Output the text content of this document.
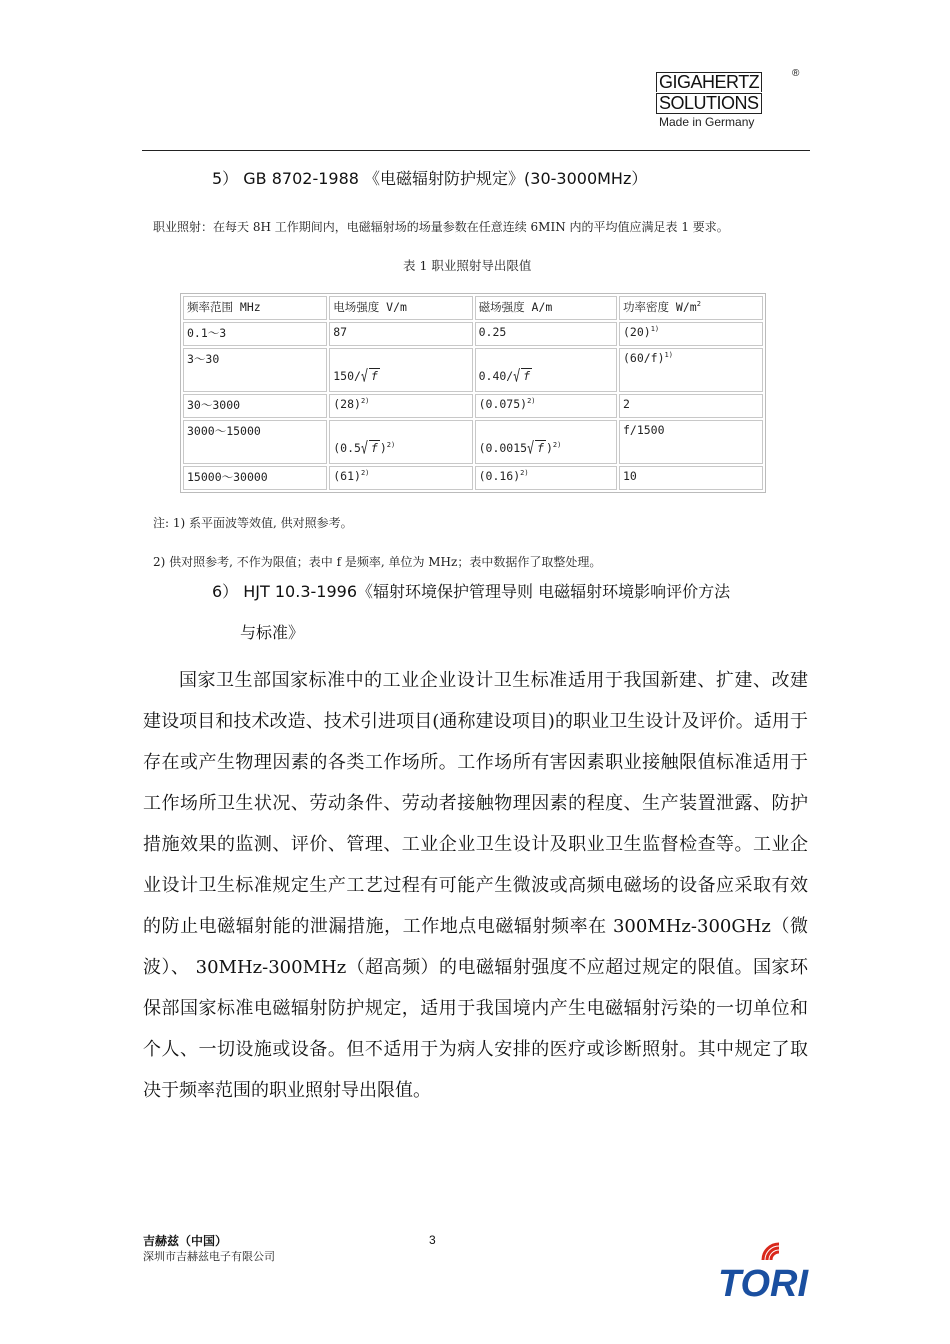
®
GIGAHERTZ
SOLUTIONS
Made in Germany
5） GB 8702-1988 《电磁辐射防护规定》(30-3000MHz）
职业照射：在每天 8H 工作期间内，电磁辐射场的场量参数在任意连续 6MIN 内的平均值应满足表 1 要求。
表 1 职业照射导出限值
频率范围 MHz	电场强度 V/m	磁场强度 A/m	功率密度 $W/m^2$
0.1～3	87	0.25	$(20)^{1)}$
3～30	150/√ f	0.40/√ f	$(60/f)^{1)}$
30～3000	$(28)^{2)}$	$(0.075)^{2)}$	2
3000～15000	(0.5√ f )$^{2)}$	(0.0015√ f )$^{2)}$	f/1500
15000～30000	$(61)^{2)}$	$(0.16)^{2)}$	10
注: 1) 系平面波等效值, 供对照参考。
2) 供对照参考, 不作为限值；表中 f 是频率, 单位为 MHz；表中数据作了取整处理。
6） HJT 10.3-1996《辐射环境保护管理导则 电磁辐射环境影响评价方法
与标准》

国家卫生部国家标准中的工业企业设计卫生标准适用于我国新建、扩建、改建建设项目和技术改造、技术引进项目(通称建设项目)的职业卫生设计及评价。适用于存在或产生物理因素的各类工作场所。工作场所有害因素职业接触限值标准适用于工作场所卫生状况、劳动条件、劳动者接触物理因素的程度、生产装置泄露、防护措施效果的监测、评价、管理、工业企业卫生设计及职业卫生监督检查等。工业企业设计卫生标准规定生产工艺过程有可能产生微波或高频电磁场的设备应采取有效的防止电磁辐射能的泄漏措施，工作地点电磁辐射频率在 300MHz-300GHz（微波）、 30MHz-300MHz（超高频）的电磁辐射强度不应超过规定的限值。国家环保部国家标准电磁辐射防护规定，适用于我国境内产生电磁辐射污染的一切单位和个人、一切设施或设备。但不适用于为病人安排的医疗或诊断照射。其中规定了取决于频率范围的职业照射导出限值。

吉赫兹（中国）
深圳市吉赫兹电子有限公司
3
TORI
